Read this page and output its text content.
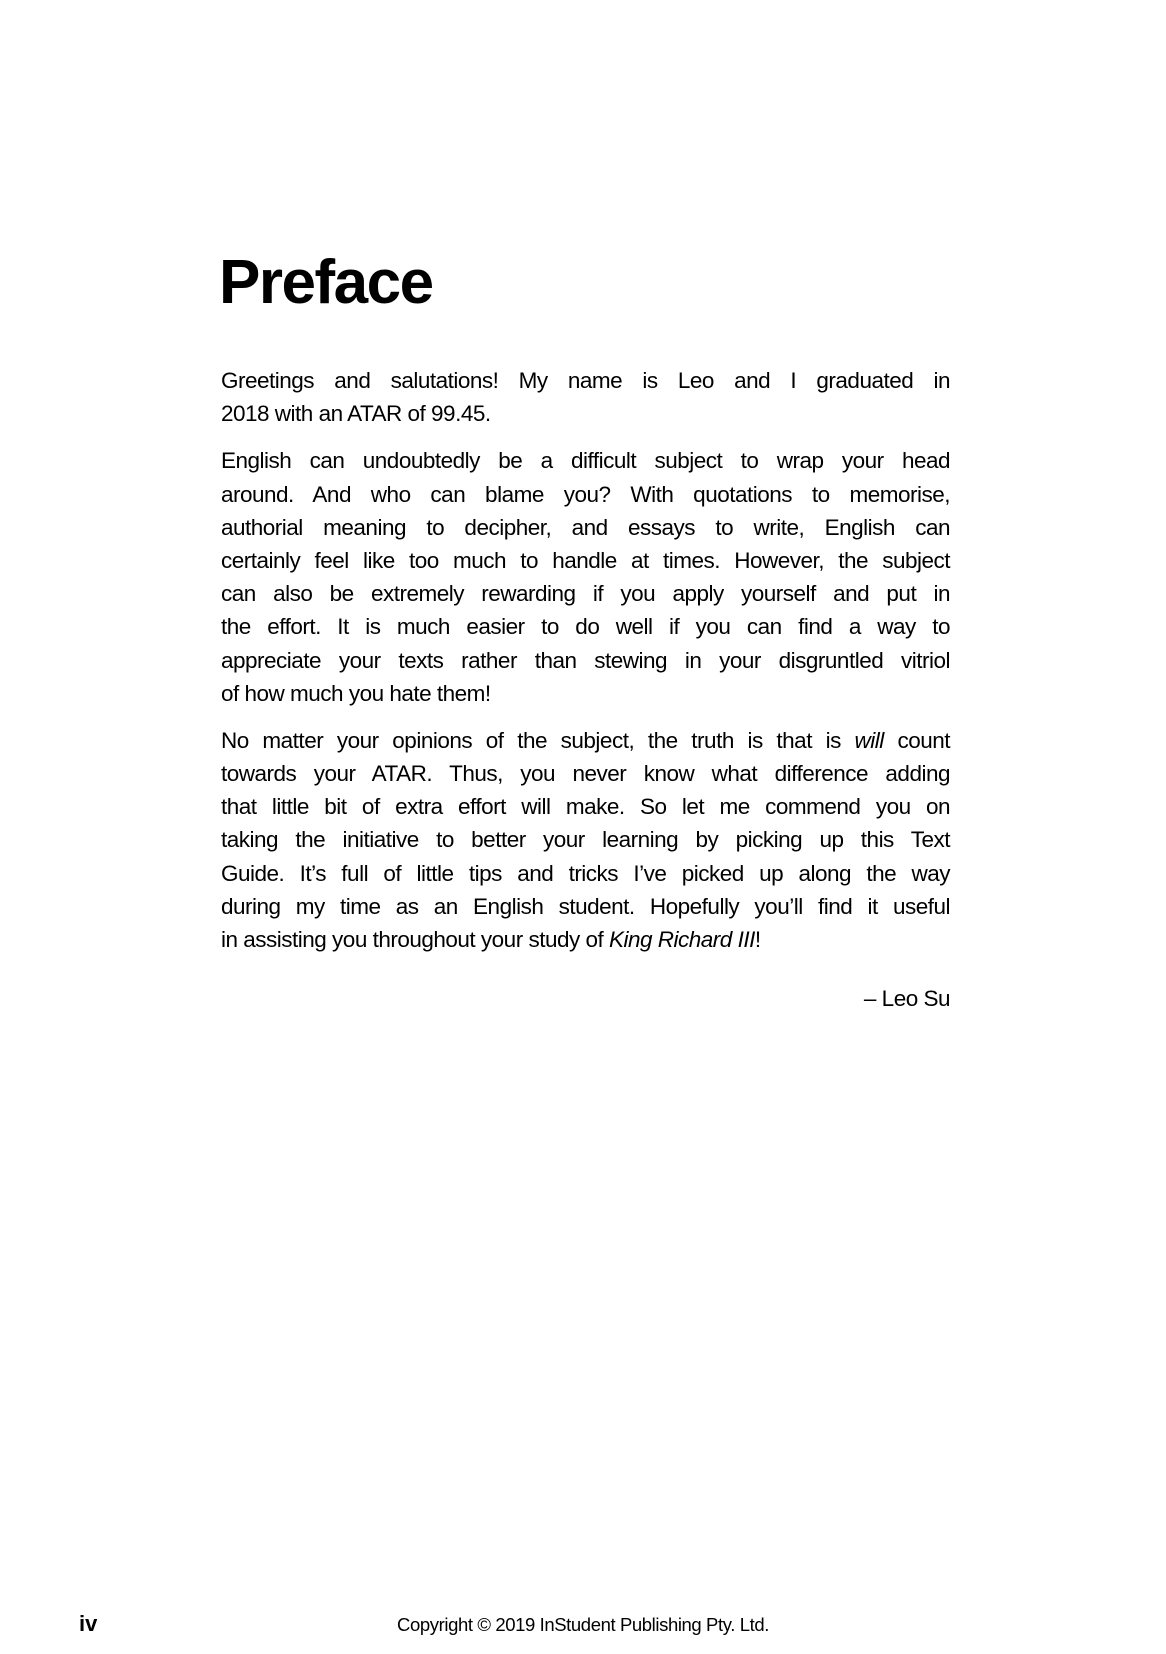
Preface

Greetings and salutations! My name is Leo and I graduated in
2018 with an ATAR of 99.45.

English can undoubtedly be a difficult subject to wrap your head
around. And who can blame you? With quotations to memorise,
authorial meaning to decipher, and essays to write, English can
certainly feel like too much to handle at times. However, the subject
can also be extremely rewarding if you apply yourself and put in
the effort. It is much easier to do well if you can find a way to
appreciate your texts rather than stewing in your disgruntled vitriol
of how much you hate them!

No matter your opinions of the subject, the truth is that is will count
towards your ATAR. Thus, you never know what difference adding
that little bit of extra effort will make. So let me commend you on
taking the initiative to better your learning by picking up this Text
Guide. It’s full of little tips and tricks I’ve picked up along the way
during my time as an English student. Hopefully you’ll find it useful
in assisting you throughout your study of King Richard III!

– Leo Su
iv	Copyright © 2019 InStudent Publishing Pty. Ltd.
